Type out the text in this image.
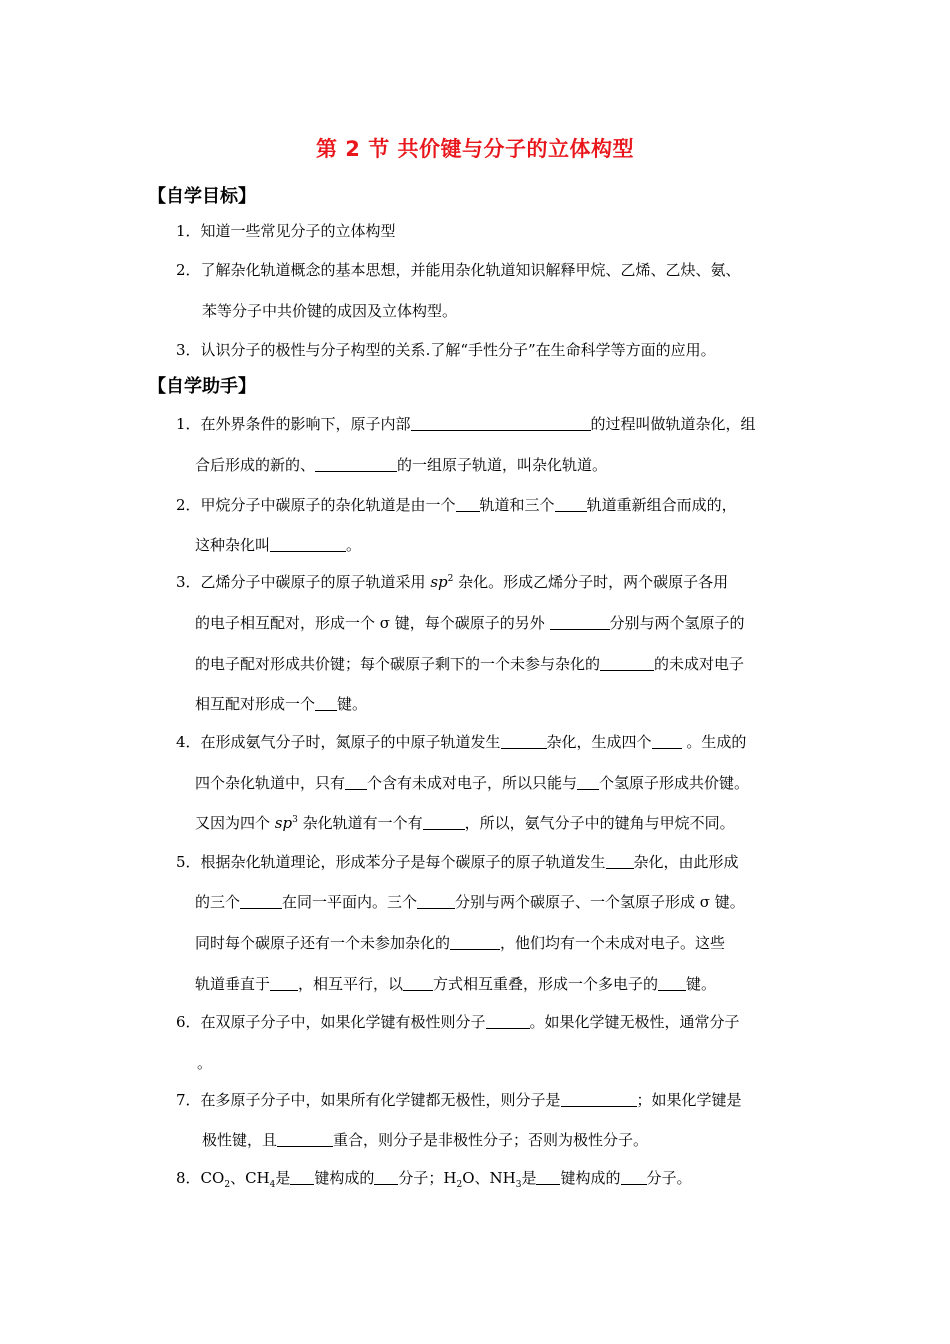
第 2 节 共价键与分子的立体构型
【自学目标】
1．知道一些常见分子的立体构型
2．了解杂化轨道概念的基本思想，并能用杂化轨道知识解释甲烷、乙烯、乙炔、氨、
苯等分子中共价键的成因及立体构型。
3．认识分子的极性与分子构型的关系.了解“手性分子”在生命科学等方面的应用。
【自学助手】
1．在外界条件的影响下，原子内部	的过程叫做轨道杂化，组
合后形成的新的、	的一组原子轨道，叫杂化轨道。
2．甲烷分子中碳原子的杂化轨道是由一个 轨道和三个 轨道重新组合而成的，
这种杂化叫	。
3．乙烯分子中碳原子的原子轨道采用 $sp^2$ 杂化。形成乙烯分子时，两个碳原子各用
的电子相互配对，形成一个 σ 键，每个碳原子的另外	分别与两个氢原子的
的电子配对形成共价键；每个碳原子剩下的一个未参与杂化的	的未成对电子
相互配对形成一个 键。
4．在形成氨气分子时，氮原子的中原子轨道发生	杂化，生成四个 。生成的
四个杂化轨道中，只有 个含有未成对电子，所以只能与 个氢原子形成共价键。
又因为四个 $sp^3$ 杂化轨道有一个有	，所以，氨气分子中的键角与甲烷不同。
5．根据杂化轨道理论，形成苯分子是每个碳原子的原子轨道发生 杂化，由此形成
的三个	在同一平面内。三个	分别与两个碳原子、一个氢原子形成 σ 键。
同时每个碳原子还有一个未参加杂化的	，他们均有一个未成对电子。这些
轨道垂直于 ，相互平行，以 方式相互重叠，形成一个多电子的 键。
6．在双原子分子中，如果化学键有极性则分子	。如果化学键无极性，通常分子
。
7．在多原子分子中，如果所有化学键都无极性，则分子是	；如果化学键是
极性键，且	重合，则分子是非极性分子；否则为极性分子。
8．$CO_2$、$CH_4$是 键构成的 分子；$H_2O$、$NH_3$是 键构成的 分子。
